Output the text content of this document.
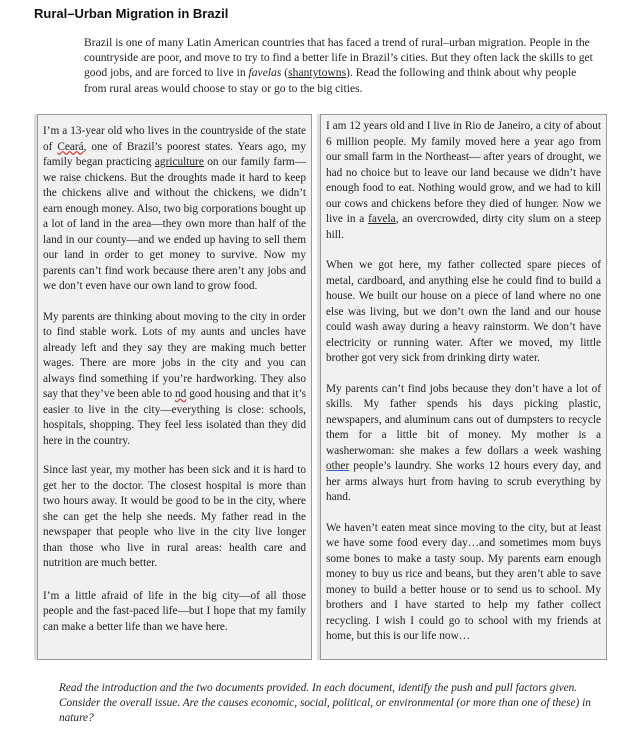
Rural–Urban Migration in Brazil
Brazil is one of many Latin American countries that has faced a trend of rural–urban migration. People in the countryside are poor, and move to try to find a better life in Brazil’s cities. But they often lack the skills to get good jobs, and are forced to live in favelas (shantytowns). Read the following and think about why people from rural areas would choose to stay or go to the big cities.

I’m a 13-year old who lives in the countryside of the state of Ceará, one of Brazil’s poorest states. Years ago, my family began practicing agriculture on our family farm—we raise chickens. But the droughts made it hard to keep the chickens alive and without the chickens, we didn’t earn enough money. Also, two big corporations bought up a lot of land in the area—they own more than half of the land in our county—and we ended up having to sell them our land in order to get money to survive. Now my parents can’t find work because there aren’t any jobs and we don’t even have our own land to grow food.

My parents are thinking about moving to the city in order to find stable work. Lots of my aunts and uncles have already left and they say they are making much better wages. There are more jobs in the city and you can always find something if you’re hardworking. They also say that they’ve been able to nd good housing and that it’s easier to live in the city—everything is close: schools, hospitals, shopping. They feel less isolated than they did here in the country.

Since last year, my mother has been sick and it is hard to get her to the doctor. The closest hospital is more than two hours away. It would be good to be in the city, where she can get the help she needs. My father read in the newspaper that people who live in the city live longer than those who live in rural areas: health care and nutrition are much better.

I’m a little afraid of life in the big city—of all those people and the fast-paced life—but I hope that my family can make a better life than we have here.

I am 12 years old and I live in Rio de Janeiro, a city of about 6 million people. My family moved here a year ago from our small farm in the Northeast— after years of drought, we had no choice but to leave our land because we didn’t have enough food to eat. Nothing would grow, and we had to kill our cows and chickens before they died of hunger. Now we live in a favela, an overcrowded, dirty city slum on a steep hill.

When we got here, my father collected spare pieces of metal, cardboard, and anything else he could find to build a house. We built our house on a piece of land where no one else was living, but we don’t own the land and our house could wash away during a heavy rainstorm. We don’t have electricity or running water. After we moved, my little brother got very sick from drinking dirty water.

My parents can’t find jobs because they don’t have a lot of skills. My father spends his days picking plastic, newspapers, and aluminum cans out of dumpsters to recycle them for a little bit of money. My mother is a washerwoman: she makes a few dollars a week washing other people’s laundry. She works 12 hours every day, and her arms always hurt from having to scrub everything by hand.

We haven’t eaten meat since moving to the city, but at least we have some food every day…and sometimes mom buys some bones to make a tasty soup. My parents earn enough money to buy us rice and beans, but they aren’t able to save money to build a better house or to send us to school. My brothers and I have started to help my father collect recycling. I wish I could go to school with my friends at home, but this is our life now…

Read the introduction and the two documents provided. In each document, identify the push and pull factors given. Consider the overall issue. Are the causes economic, social, political, or environmental (or more than one of these) in nature?
